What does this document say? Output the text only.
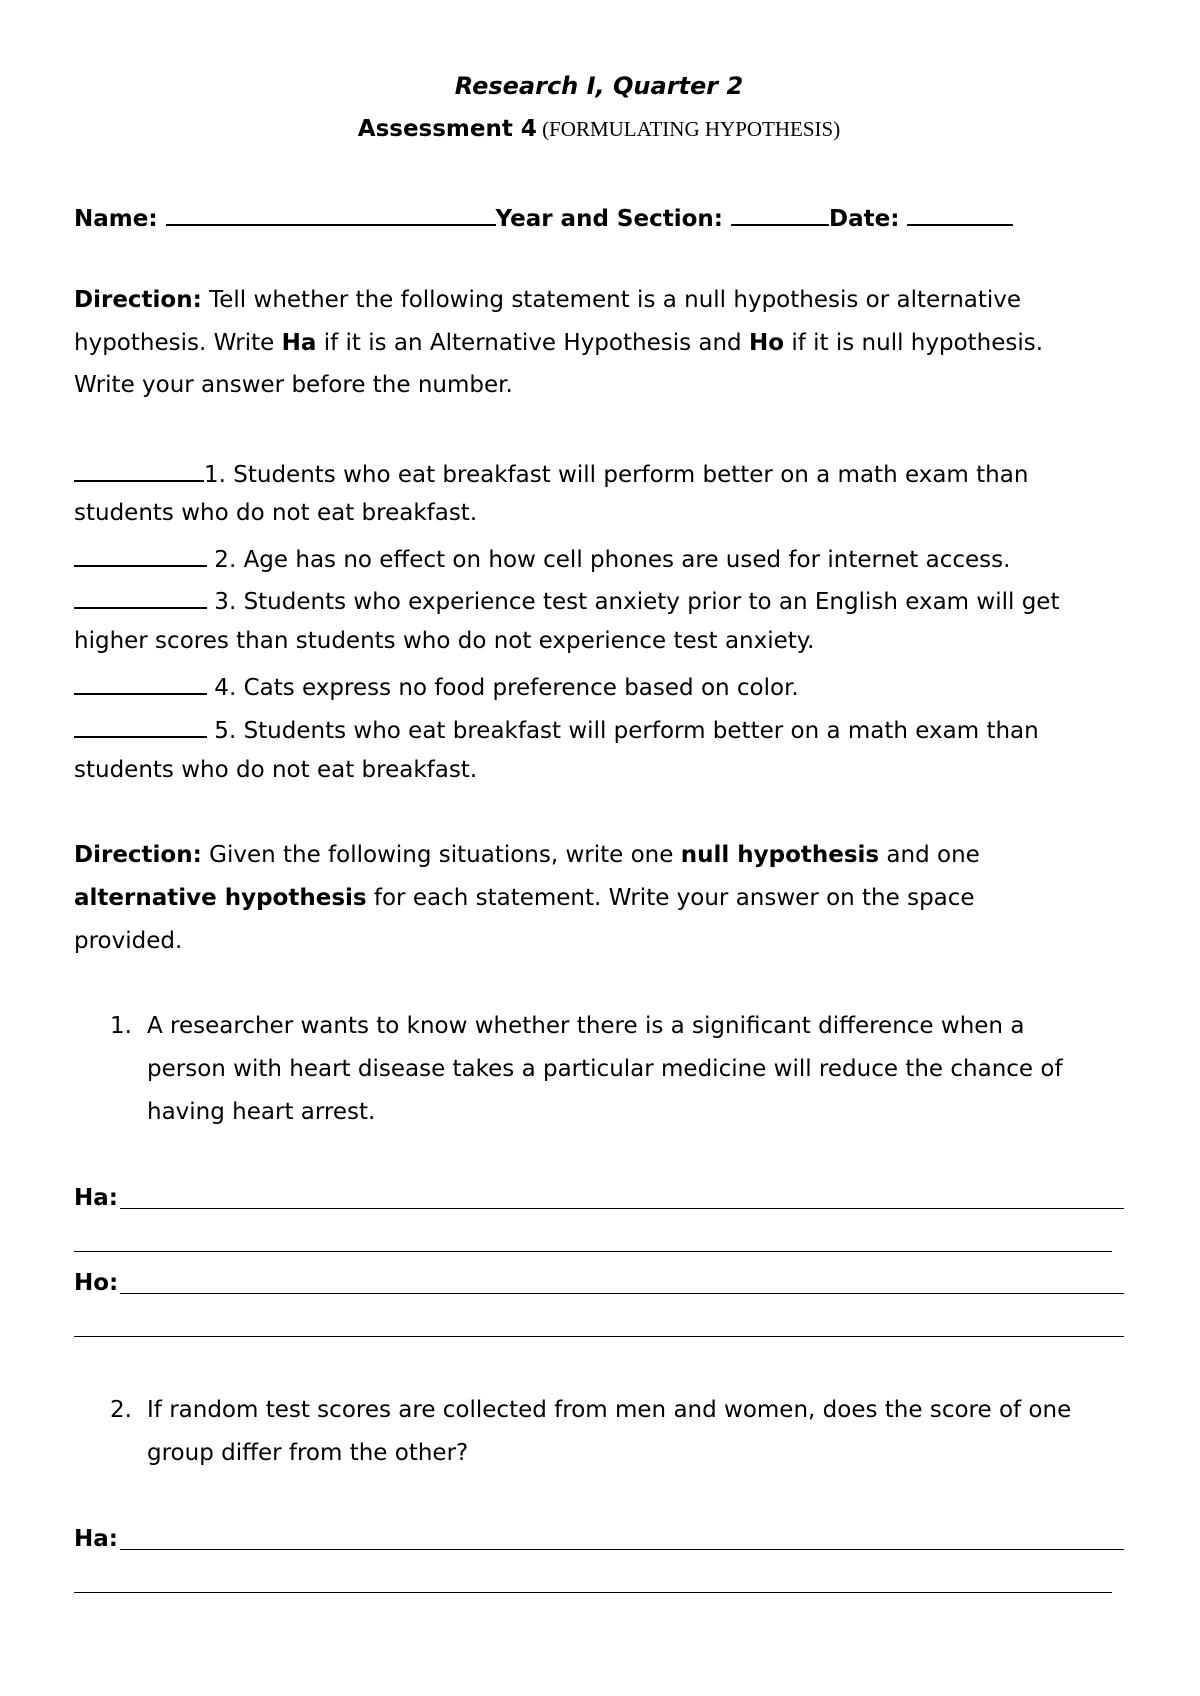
Research I, Quarter 2
Assessment 4 (FORMULATING HYPOTHESIS)
Name:	Year and Section:	Date:
Direction: Tell whether the following statement is a null hypothesis or alternative
hypothesis. Write Ha if it is an Alternative Hypothesis and Ho if it is null hypothesis.
Write your answer before the number.
1. Students who eat breakfast will perform better on a math exam than
students who do not eat breakfast.
2. Age has no effect on how cell phones are used for internet access.
3. Students who experience test anxiety prior to an English exam will get
higher scores than students who do not experience test anxiety.
4. Cats express no food preference based on color.
5. Students who eat breakfast will perform better on a math exam than
students who do not eat breakfast.
Direction: Given the following situations, write one null hypothesis and one
alternative hypothesis for each statement. Write your answer on the space
provided.
1. A researcher wants to know whether there is a significant difference when a
person with heart disease takes a particular medicine will reduce the chance of
having heart arrest.
Ha:
Ho:
2. If random test scores are collected from men and women, does the score of one
group differ from the other?
Ha:
